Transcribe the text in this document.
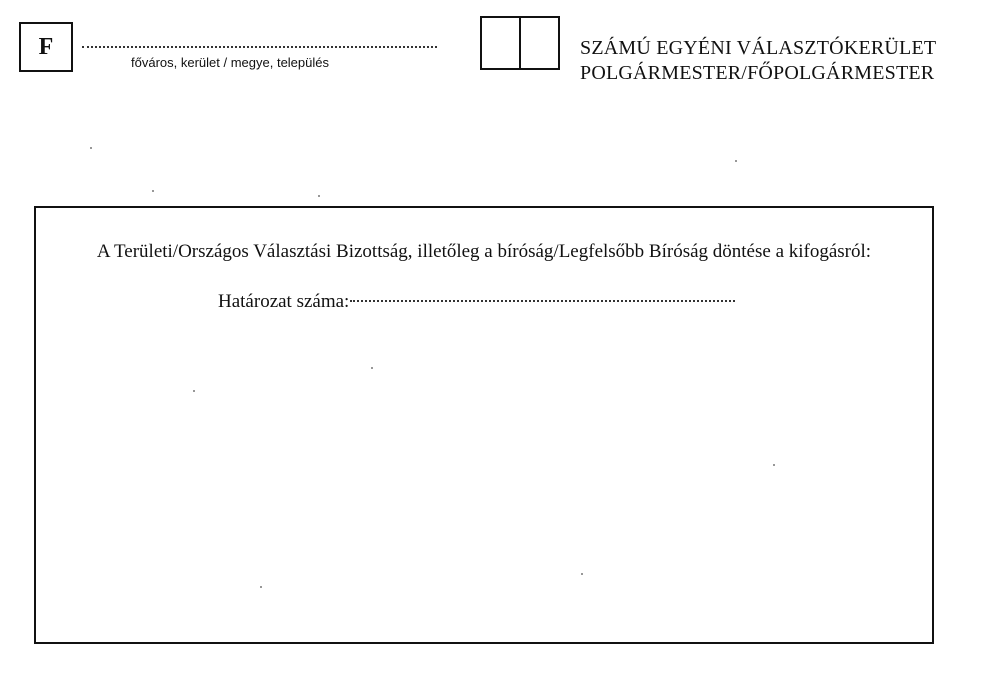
F
főváros, kerület / megye, település
SZÁMÚ EGYÉNI VÁLASZTÓKERÜLET
POLGÁRMESTER/FŐPOLGÁRMESTER
A Területi/Országos Választási Bizottság, illetőleg a bíróság/Legfelsőbb Bíróság döntése a kifogásról:
Határozat száma:
